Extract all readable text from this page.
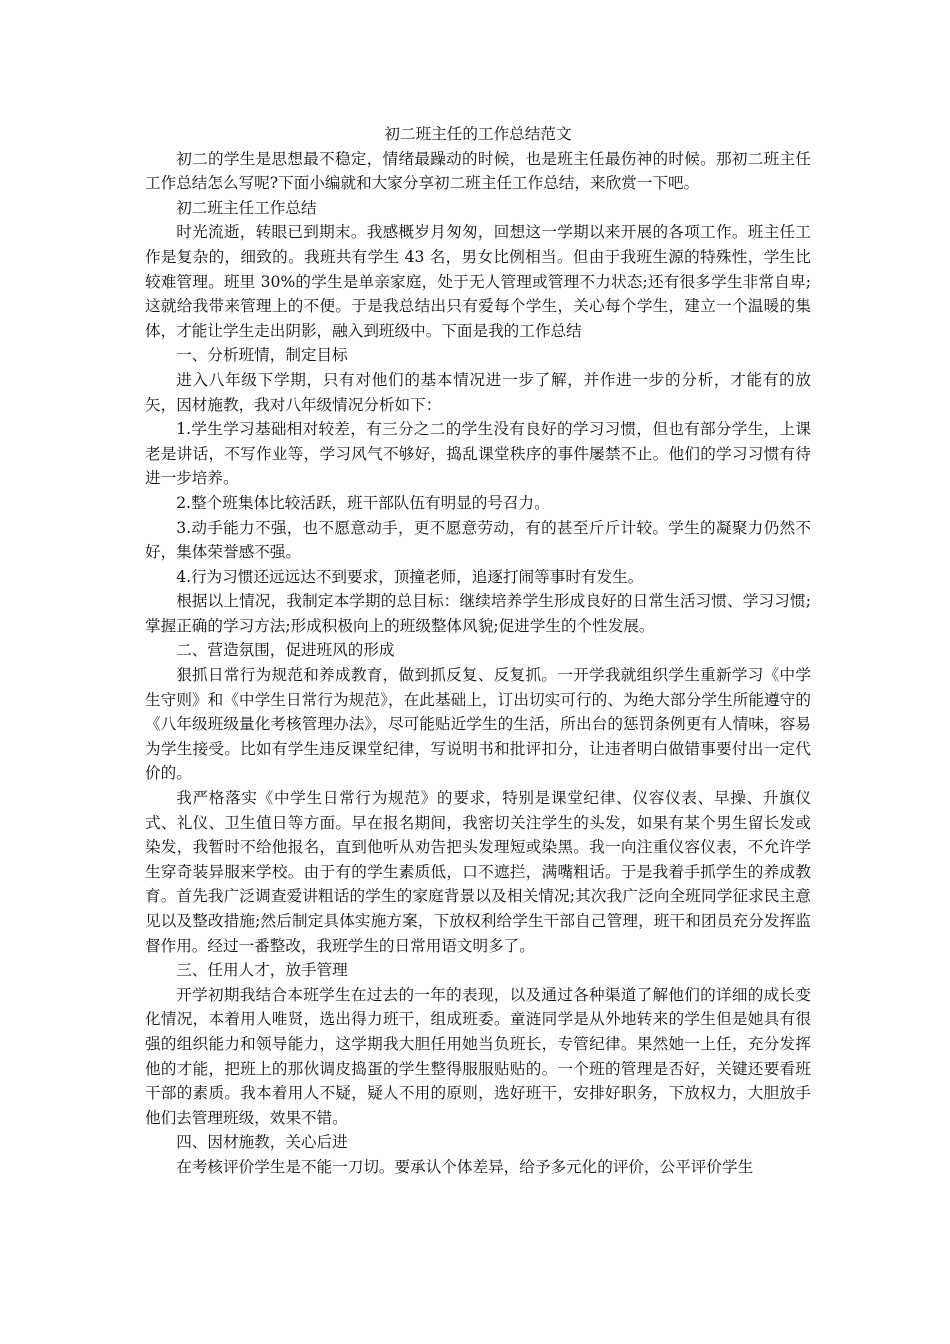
初二班主任的工作总结范文

初二的学生是思想最不稳定，情绪最躁动的时候，也是班主任最伤神的时候。那初二班主任工作总结怎么写呢?下面小编就和大家分享初二班主任工作总结，来欣赏一下吧。

初二班主任工作总结

时光流逝，转眼已到期末。我感概岁月匆匆，回想这一学期以来开展的各项工作。班主任工作是复杂的，细致的。我班共有学生 43 名，男女比例相当。但由于我班生源的特殊性，学生比较难管理。班里 30%的学生是单亲家庭，处于无人管理或管理不力状态;还有很多学生非常自卑;这就给我带来管理上的不便。于是我总结出只有爱每个学生，关心每个学生，建立一个温暖的集体，才能让学生走出阴影，融入到班级中。下面是我的工作总结

一、分析班情，制定目标

进入八年级下学期，只有对他们的基本情况进一步了解，并作进一步的分析，才能有的放矢，因材施教，我对八年级情况分析如下：

1.学生学习基础相对较差，有三分之二的学生没有良好的学习习惯，但也有部分学生，上课老是讲话，不写作业等，学习风气不够好，捣乱课堂秩序的事件屡禁不止。他们的学习习惯有待进一步培养。

2.整个班集体比较活跃，班干部队伍有明显的号召力。

3.动手能力不强，也不愿意动手，更不愿意劳动，有的甚至斤斤计较。学生的凝聚力仍然不好，集体荣誉感不强。

4.行为习惯还远远达不到要求，顶撞老师，追逐打闹等事时有发生。

根据以上情况，我制定本学期的总目标：继续培养学生形成良好的日常生活习惯、学习习惯;掌握正确的学习方法;形成积极向上的班级整体风貌;促进学生的个性发展。

二、营造氛围，促进班风的形成

狠抓日常行为规范和养成教育，做到抓反复、反复抓。一开学我就组织学生重新学习《中学生守则》和《中学生日常行为规范》，在此基础上，订出切实可行的、为绝大部分学生所能遵守的《八年级班级量化考核管理办法》，尽可能贴近学生的生活，所出台的惩罚条例更有人情味，容易为学生接受。比如有学生违反课堂纪律，写说明书和批评扣分，让违者明白做错事要付出一定代价的。

我严格落实《中学生日常行为规范》的要求，特别是课堂纪律、仪容仪表、早操、升旗仪式、礼仪、卫生值日等方面。早在报名期间，我密切关注学生的头发，如果有某个男生留长发或染发，我暂时不给他报名，直到他听从劝告把头发理短或染黑。我一向注重仪容仪表，不允许学生穿奇装异服来学校。由于有的学生素质低，口不遮拦，满嘴粗话。于是我着手抓学生的养成教育。首先我广泛调查爱讲粗话的学生的家庭背景以及相关情况;其次我广泛向全班同学征求民主意见以及整改措施;然后制定具体实施方案，下放权利给学生干部自己管理，班干和团员充分发挥监督作用。经过一番整改，我班学生的日常用语文明多了。

三、任用人才，放手管理

开学初期我结合本班学生在过去的一年的表现，以及通过各种渠道了解他们的详细的成长变化情况，本着用人唯贤，选出得力班干，组成班委。童涟同学是从外地转来的学生但是她具有很强的组织能力和领导能力，这学期我大胆任用她当负班长，专管纪律。果然她一上任，充分发挥他的才能，把班上的那伙调皮捣蛋的学生整得服服贴贴的。一个班的管理是否好，关键还要看班干部的素质。我本着用人不疑，疑人不用的原则，选好班干，安排好职务，下放权力，大胆放手他们去管理班级，效果不错。

四、因材施教，关心后进

在考核评价学生是不能一刀切。要承认个体差异，给予多元化的评价，公平评价学生
